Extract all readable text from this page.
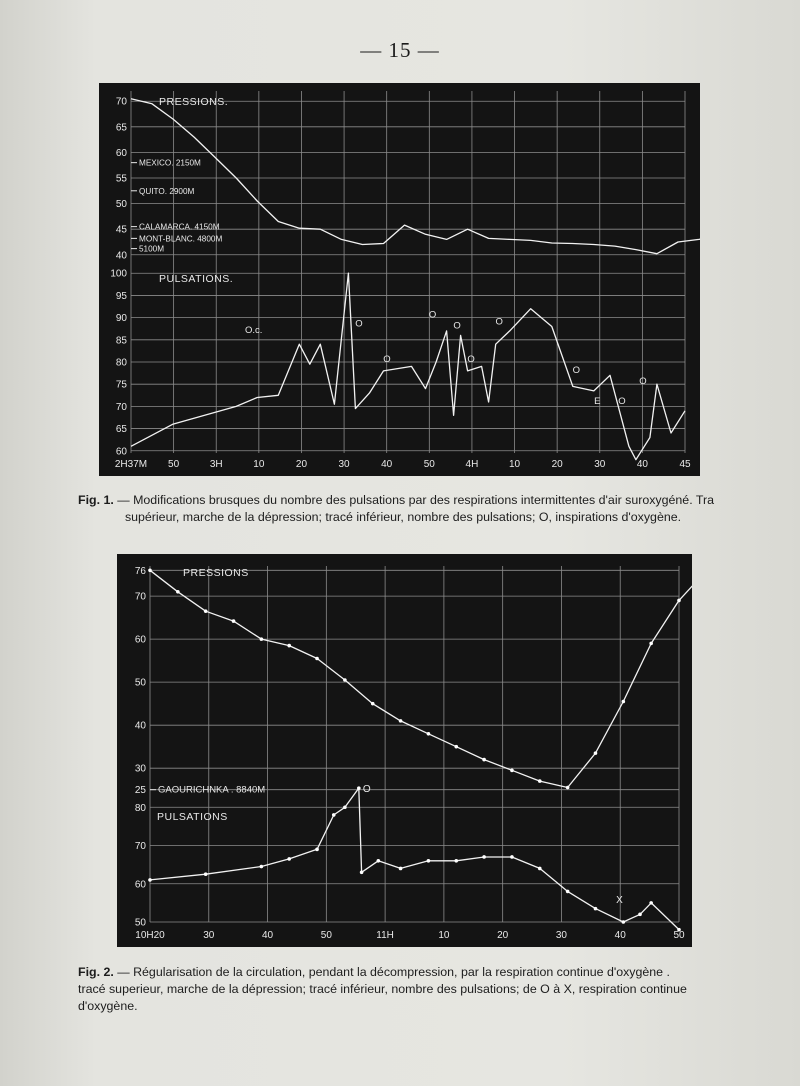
— 15 —
70
65
60
55
50
45
40
PRESSIONS.
MEXICO. 2150M
QUITO. 2900M
CALAMARCA. 4150M
MONT-BLANC. 4800M
5100M
100
95
90
85
80
75
70
65
60
PULSATIONS.
O.c.
O
O
O
O
O
O
O
E O
O
2H37M 50	3H	10	20	30	40	50	4H	10	20	30	40	45
Fig. 1. — Modifications brusques du nombre des pulsations par des respirations intermittentes d'air suroxygéné. Tra
supérieur, marche de la dépression; tracé inférieur, nombre des pulsations; O, inspirations d'oxygène.
76
70
60
50
40
30
25
PRESSIONS
GAOURICHNKA . 8840M
80
70
60
50
PULSATIONS
O
X
10H20	30	40	50	11H	10	20	30	40	50
Fig. 2. — Régularisation de la circulation, pendant la décompression, par la respiration continue d'oxygène .
tracé superieur, marche de la dépression; tracé inférieur, nombre des pulsations; de O à X, respiration continue
d'oxygène.
